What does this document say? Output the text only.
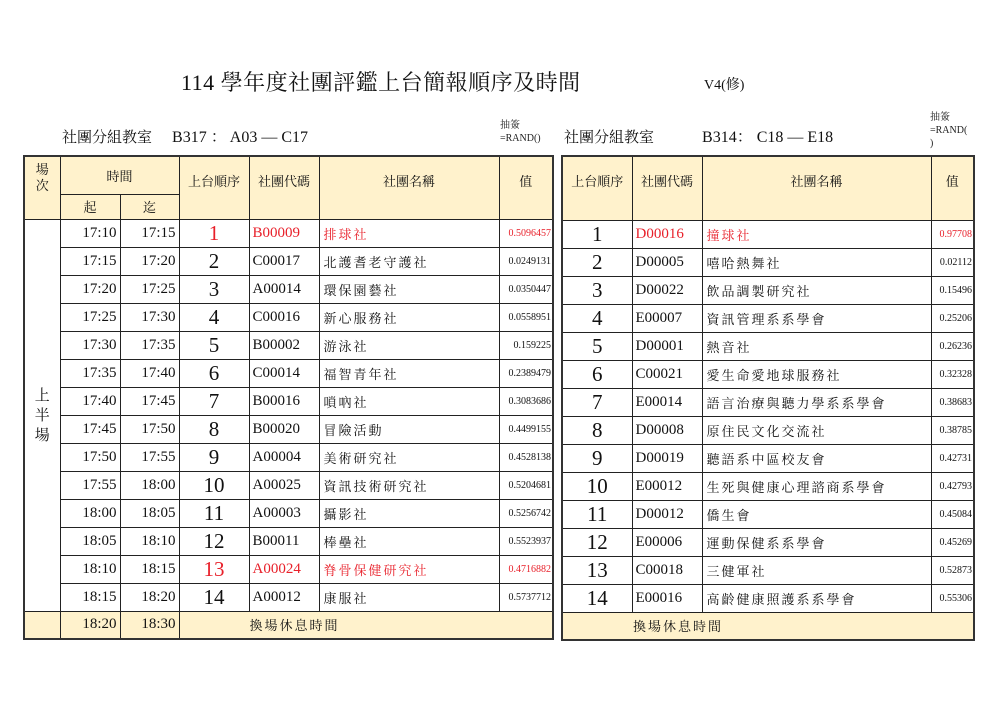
114 學年度社團評鑑上台簡報順序及時間	V4(修)
社團分組教室 B317 ： A03 — C17
抽簽
=RAND() 社團分組教室	B314： C18 — E18
抽簽
=RAND(
)
場次	時間		上台順序	社團代碼	社團名稱	值
	起	迄				

上半場	17:10	17:15	1	B00009	排球社	0.5096457
	17:15	17:20	2	C00017	北護耆老守護社	0.0249131
	17:20	17:25	3	A00014	環保園藝社	0.0350447
	17:25	17:30	4	C00016	新心服務社	0.0558951
	17:30	17:35	5	B00002	游泳社	0.159225
	17:35	17:40	6	C00014	福智青年社	0.2389479
	17:40	17:45	7	B00016	嗩吶社	0.3083686
	17:45	17:50	8	B00020	冒險活動	0.4499155
	17:50	17:55	9	A00004	美術研究社	0.4528138
	17:55	18:00	10	A00025	資訊技術研究社	0.5204681
	18:00	18:05	11	A00003	攝影社	0.5256742
	18:05	18:10	12	B00011	棒壘社	0.5523937
	18:10	18:15	13	A00024	脊骨保健研究社	0.4716882
	18:15	18:20	14	A00012	康服社	0.5737712
	18:20	18:30	換場休息時間			
上台順序	社團代碼	社團名稱	值
1	D00016	撞球社	0.97708
2	D00005	嘻哈熱舞社	0.02112
3	D00022	飲品調製研究社	0.15496
4	E00007	資訊管理系系學會	0.25206
5	D00001	熱音社	0.26236
6	C00021	愛生命愛地球服務社	0.32328
7	E00014	語言治療與聽力學系系學會	0.38683
8	D00008	原住民文化交流社	0.38785
9	D00019	聽語系中區校友會	0.42731
10	E00012	生死與健康心理諮商系學會	0.42793
11	D00012	僑生會	0.45084
12	E00006	運動保健系系學會	0.45269
13	C00018	三健軍社	0.52873
14	E00016	高齡健康照護系系學會	0.55306
換場休息時間			
